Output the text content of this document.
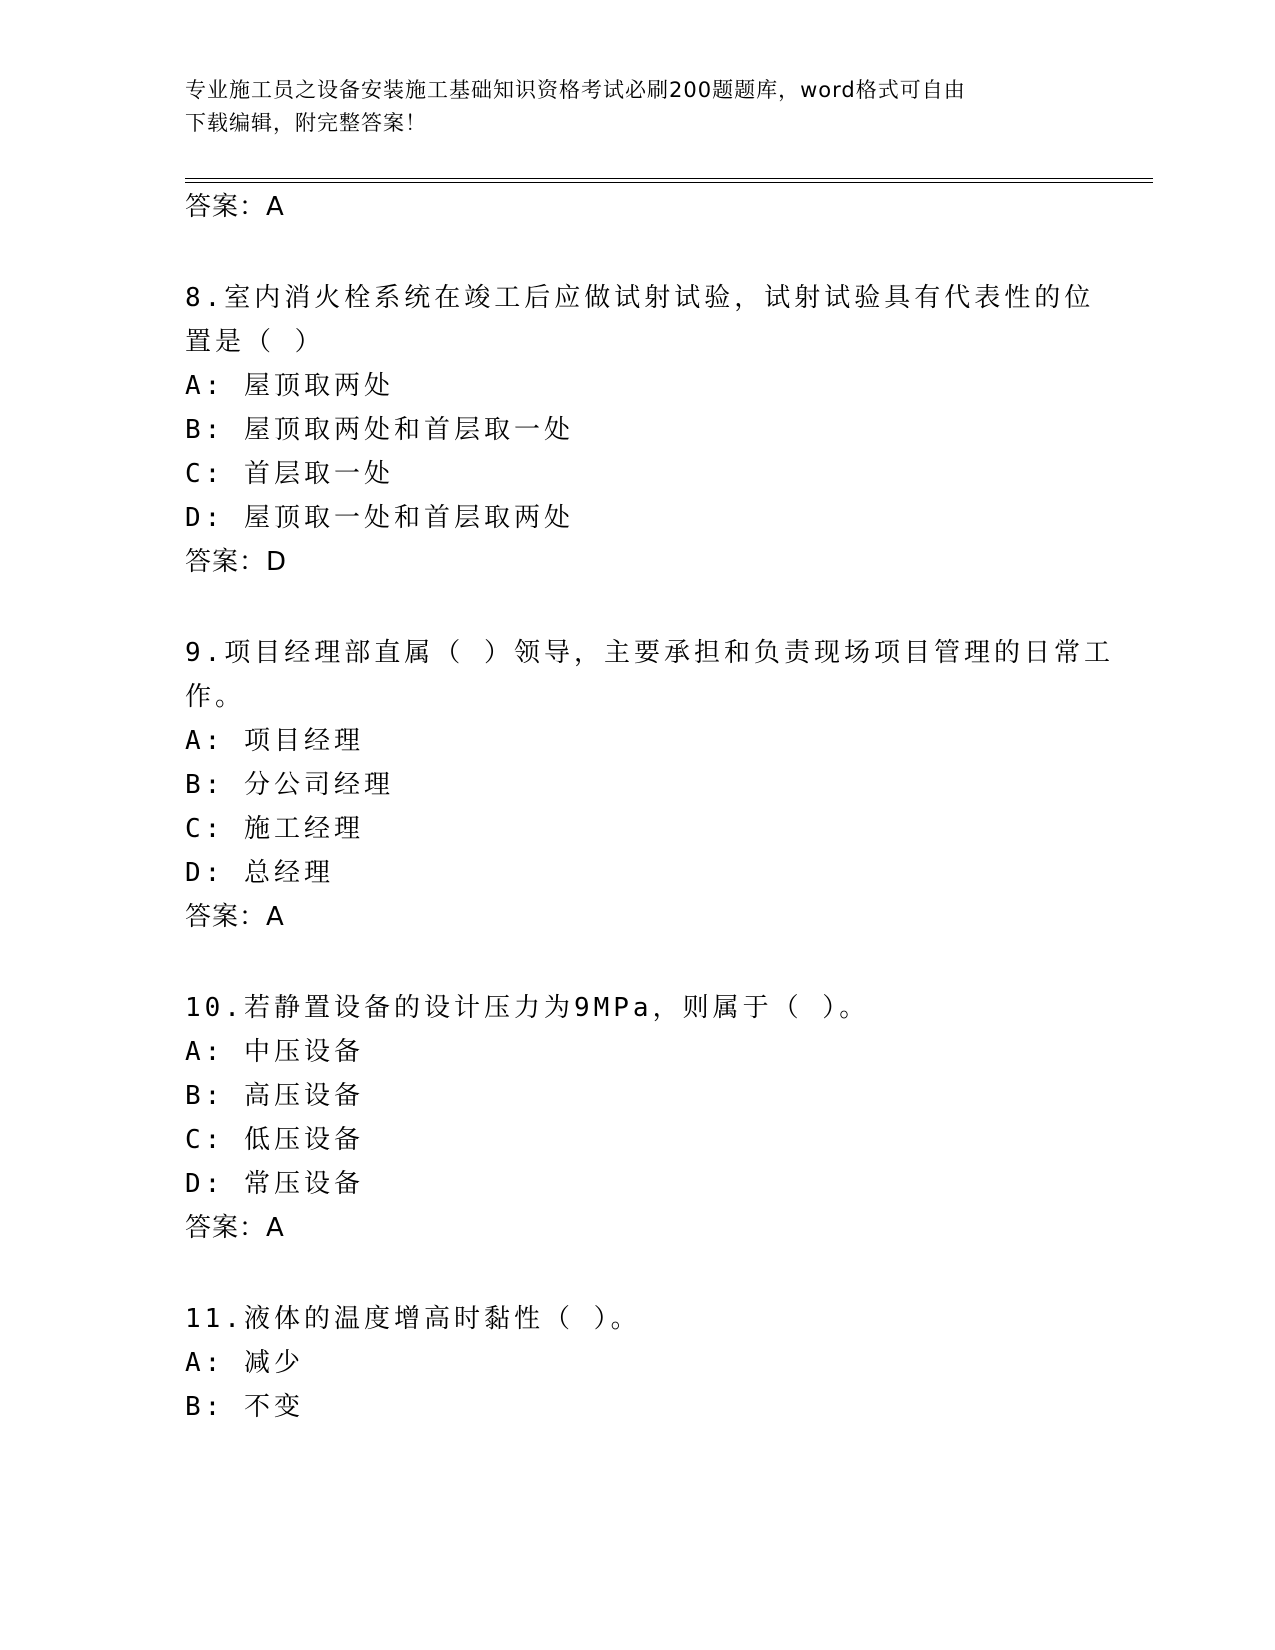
专业施工员之设备安装施工基础知识资格考试必刷200题题库，word格式可自由
下载编辑，附完整答案！
答案：A
8.室内消火栓系统在竣工后应做试射试验，试射试验具有代表性的位
置是（ ）
A: 屋顶取两处
B: 屋顶取两处和首层取一处
C: 首层取一处
D: 屋顶取一处和首层取两处
答案：D
9.项目经理部直属（ ）领导，主要承担和负责现场项目管理的日常工
作。
A: 项目经理
B: 分公司经理
C: 施工经理
D: 总经理
答案：A
10.若静置设备的设计压力为9MPa，则属于（ ）。
A: 中压设备
B: 高压设备
C: 低压设备
D: 常压设备
答案：A
11.液体的温度增高时黏性（ ）。
A: 减少
B: 不变
